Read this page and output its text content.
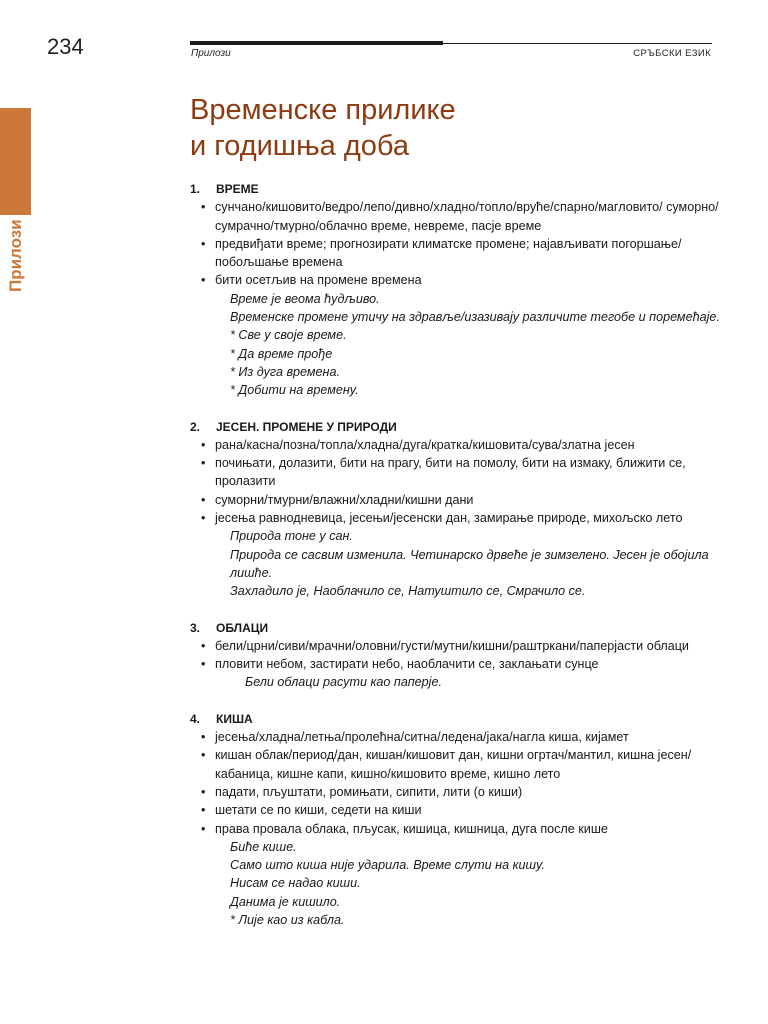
234	Прилози	СРЪБСКИ ЕЗИК
Прилози
Временске прилике
и годишња доба
1.	ВРЕМЕ
• сунчано/кишовито/ведро/лепо/дивно/хладно/топло/вруће/спарно/магловито/ суморно/сумрачно/тмурно/облачно време, невреме, пасје време
• предвиђати време; прогнозирати климатске промене; најављивати погоршање/ побољшање времена
• бити осетљив на промене времена
Време је веома ћудљиво.
Временске промене утичу на здравље/изазивају различите тегобе и поремећаје.
* Све у своје време.
* Да време прође
* Из дуга времена.
* Добити на времену.
2.	ЈЕСЕН. ПРОМЕНЕ У ПРИРОДИ
• рана/касна/позна/топла/хладна/дуга/кратка/кишовита/сува/златна јесен
• почињати, долазити, бити на прагу, бити на помолу, бити на измаку, ближити се, пролазити
• суморни/тмурни/влажни/хладни/кишни дани
• јесења равнодневица, јесењи/јесенски дан, замирање природе, михољско лето
Природа тоне у сан.
Природа се сасвим изменила. Четинарско дрвеће је зимзелено. Јесен је обојила лишће.
Захладило је, Наоблачило се, Натуштило се, Смрачило се.
3.	ОБЛАЦИ
• бели/црни/сиви/мрачни/оловни/густи/мутни/кишни/раштркани/паперјасти облаци
• пловити небом, застирати небо, наоблачити се, заклањати сунце
Бели облаци расути као паперје.
4.	КИША
• јесења/хладна/летња/пролећна/ситна/ледена/јака/нагла киша, кијамет
• кишан облак/период/дан, кишан/кишовит дан, кишни огртач/мантил, кишна јесен/кабаница, кишне капи, кишно/кишовито време, кишно лето
• падати, пљуштати, ромињати, сипити, лити (о киши)
• шетати се по киши, седети на киши
• права провала облака, пљусак, кишица, кишница, дуга после кише
Биће кише.
Само што киша није ударила. Време слути на кишу.
Нисам се надао киши.
Данима је кишило.
* Лије као из кабла.
